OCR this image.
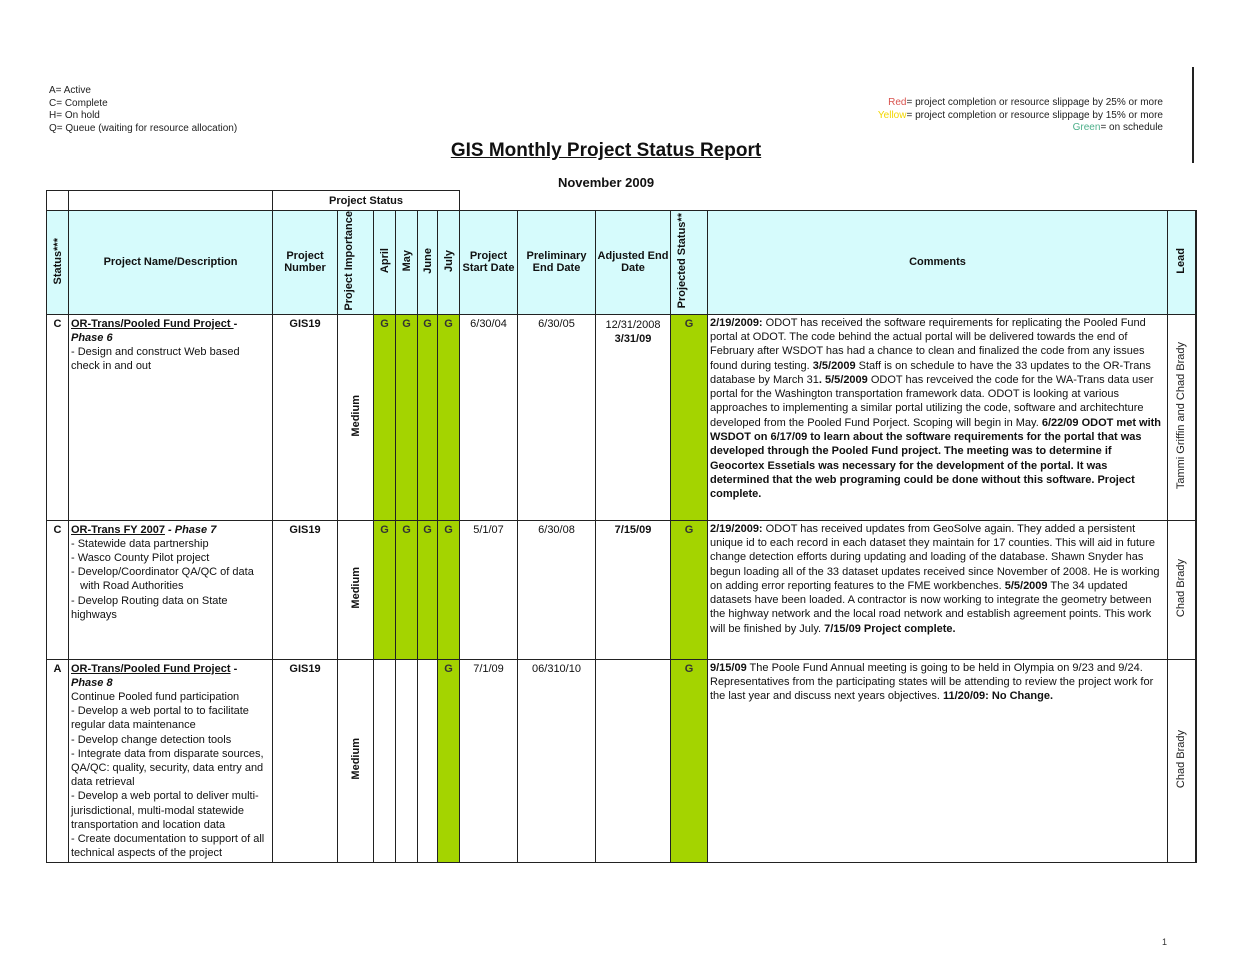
A= Active
C= Complete
H= On hold
Q= Queue (waiting for resource allocation)
Red= project completion or resource slippage by 25% or more
Yellow= project completion or resource slippage by 15% or more
Green= on schedule
GIS Monthly Project Status Report
November 2009
		Project Status											
Status***	Project Name/Description	Project Number	Project Importance	April	May	June	July	Project Start Date	Preliminary End Date	Adjusted End Date	Projected Status**	Comments	Lead
C	OR-Trans/Pooled Fund Project -
Phase 6
- Design and construct Web based check in and out
	GIS19	Medium	G	G	G	G	6/30/04	6/30/05	12/31/2008
3/31/09
	G	2/19/2009: ODOT has received the software requirements for replicating the Pooled Fund portal at ODOT. The code behind the actual portal will be delivered towards the end of February after WSDOT has had a chance to clean and finalized the code from any issues found during testing. 3/5/2009 Staff is on schedule to have the 33 updates to the OR-Trans database by March 31. 5/5/2009 ODOT has revceived the code for the WA-Trans data user portal for the Washington transportation framework data. ODOT is looking at various approaches to implementing a similar portal utilizing the code, software and architechture developed from the Pooled Fund Porject. Scoping will begin in May. 6/22/09 ODOT met with WSDOT on 6/17/09 to learn about the software requirements for the portal that was developed through the Pooled Fund project. The meeting was to determine if Geocortex Essetials was necessary for the development of the portal. It was determined that the web programing could be done without this software. Project complete.	Tammi Griffin and Chad Brady
C	OR-Trans FY 2007 - Phase 7
- Statewide data partnership
- Wasco County Pilot project
- Develop/Coordinator QA/QC of data
with Road Authorities
- Develop Routing data on State highways
	GIS19	Medium	G	G	G	G	5/1/07	6/30/08	7/15/09	G	2/19/2009: ODOT has received updates from GeoSolve again. They added a persistent unique id to each record in each dataset they maintain for 17 counties. This will aid in future change detection efforts during updating and loading of the database. Shawn Snyder has begun loading all of the 33 dataset updates received since November of 2008. He is working on adding error reporting features to the FME workbenches. 5/5/2009 The 34 updated datasets have been loaded. A contractor is now working to integrate the geometry between the highway network and the local road network and establish agreement points. This work will be finished by July. 7/15/09 Project complete.	Chad Brady
A	OR-Trans/Pooled Fund Project -
Phase 8
Continue Pooled fund participation
- Develop a web portal to to facilitate regular data maintenance
- Develop change detection tools
- Integrate data from disparate sources, QA/QC: quality, security, data entry and data retrieval
- Develop a web portal to deliver multi-jurisdictional, multi-modal statewide transportation and location data
- Create documentation to support of all technical aspects of the project
	GIS19	Medium				G	7/1/09	06/310/10		G	9/15/09 The Poole Fund Annual meeting is going to be held in Olympia on 9/23 and 9/24. Representatives from the participating states will be attending to review the project work for the last year and discuss next years objectives. 11/20/09: No Change.	Chad Brady
1
